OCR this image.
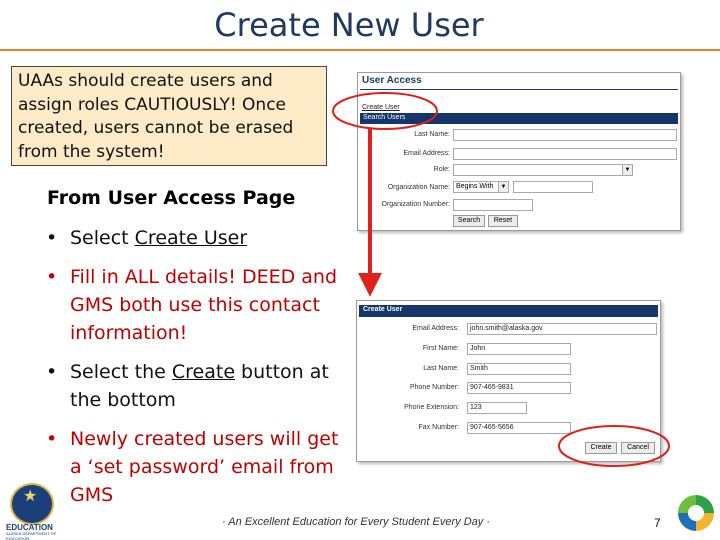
Create New User
UAAs should create users and assign roles CAUTIOUSLY! Once created, users cannot be erased from the system!
From User Access Page
• Select Create User
• Fill in ALL details! DEED and GMS both use this contact information!
• Select the Create button at the bottom
• Newly created users will get a ‘set password’ email from GMS
User Access
Create User
Search Users
Last Name:
Email Address:
Role:	▼
Organization Name: Begins With	▼
Organization Number:
Search	Reset
Create User
Email Address:	john.smith@alaska.gov
First Name:	John
Last Name:	Smith
Phone Number:	907-465-9831
Phone Extension:	123
Fax Number:	907-465-5656
Create	Cancel
★
EDUCATION
ALASKA DEPARTMENT OF EDUCATION
· An Excellent Education for Every Student Every Day ·	7
